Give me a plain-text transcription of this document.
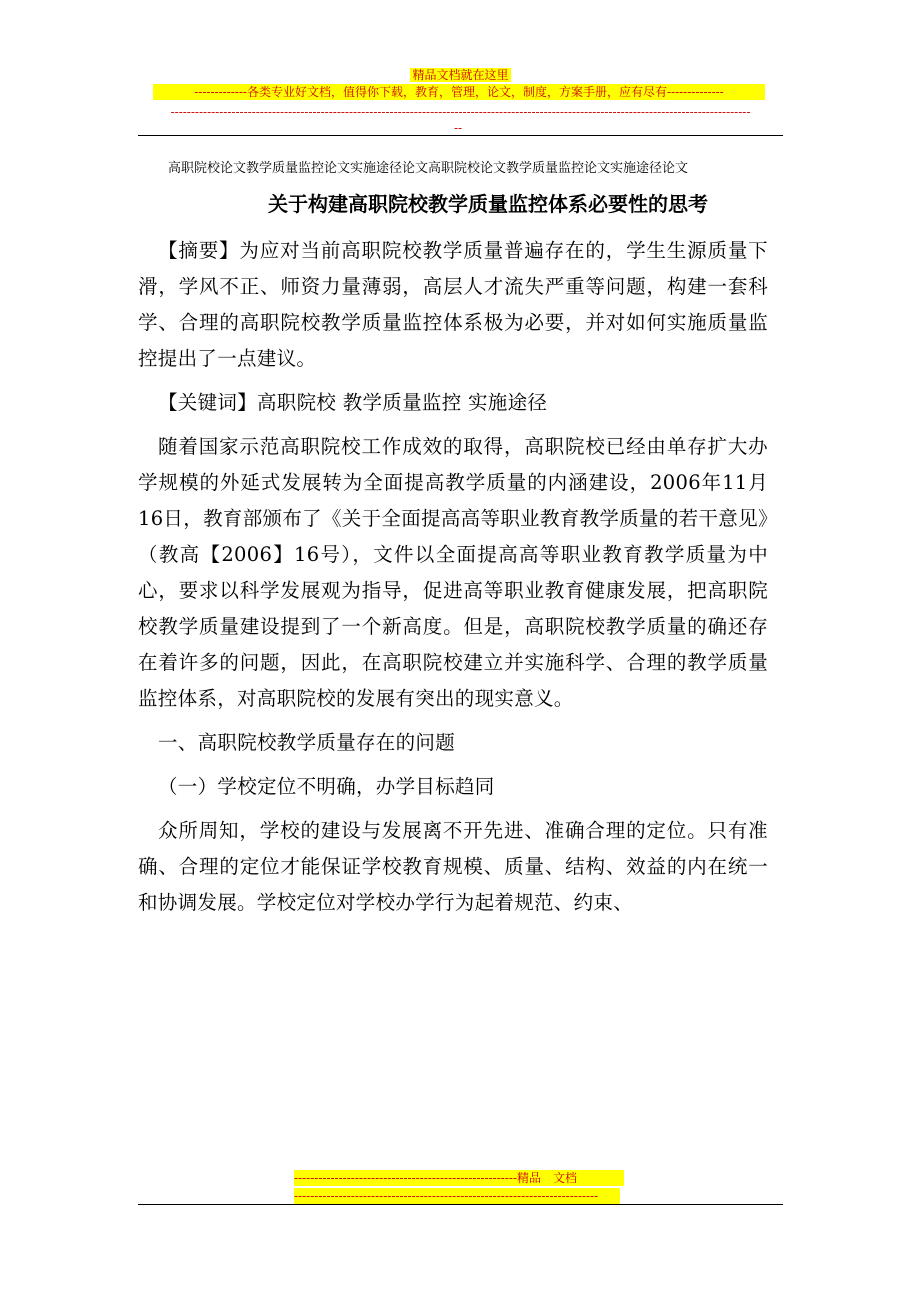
精品文档就在这里
-------------各类专业好文档，值得你下载，教育，管理，论文，制度，方案手册，应有尽有--------------
-----------------------------------------------------------------------------------------------------------------------------------------------
--
高职院校论文教学质量监控论文实施途径论文高职院校论文教学质量监控论文实施途径论文
关于构建高职院校教学质量监控体系必要性的思考

【摘要】为应对当前高职院校教学质量普遍存在的，学生生源质量下滑，学风不正、师资力量薄弱，高层人才流失严重等问题，构建一套科学、合理的高职院校教学质量监控体系极为必要，并对如何实施质量监控提出了一点建议。

【关键词】高职院校 教学质量监控 实施途径

随着国家示范高职院校工作成效的取得，高职院校已经由单存扩大办学规模的外延式发展转为全面提高教学质量的内涵建设，2006年11月16日，教育部颁布了《关于全面提高高等职业教育教学质量的若干意见》（教高【2006】16号），文件以全面提高高等职业教育教学质量为中心，要求以科学发展观为指导，促进高等职业教育健康发展，把高职院校教学质量建设提到了一个新高度。但是，高职院校教学质量的确还存在着许多的问题，因此，在高职院校建立并实施科学、合理的教学质量监控体系，对高职院校的发展有突出的现实意义。

一、高职院校教学质量存在的问题

（一）学校定位不明确，办学目标趋同

众所周知，学校的建设与发展离不开先进、准确合理的定位。只有准确、合理的定位才能保证学校教育规模、质量、结构、效益的内在统一和协调发展。学校定位对学校办学行为起着规范、约束、

-------------------------------------------------------精品　文档
---------------------------------------------------------------------------
